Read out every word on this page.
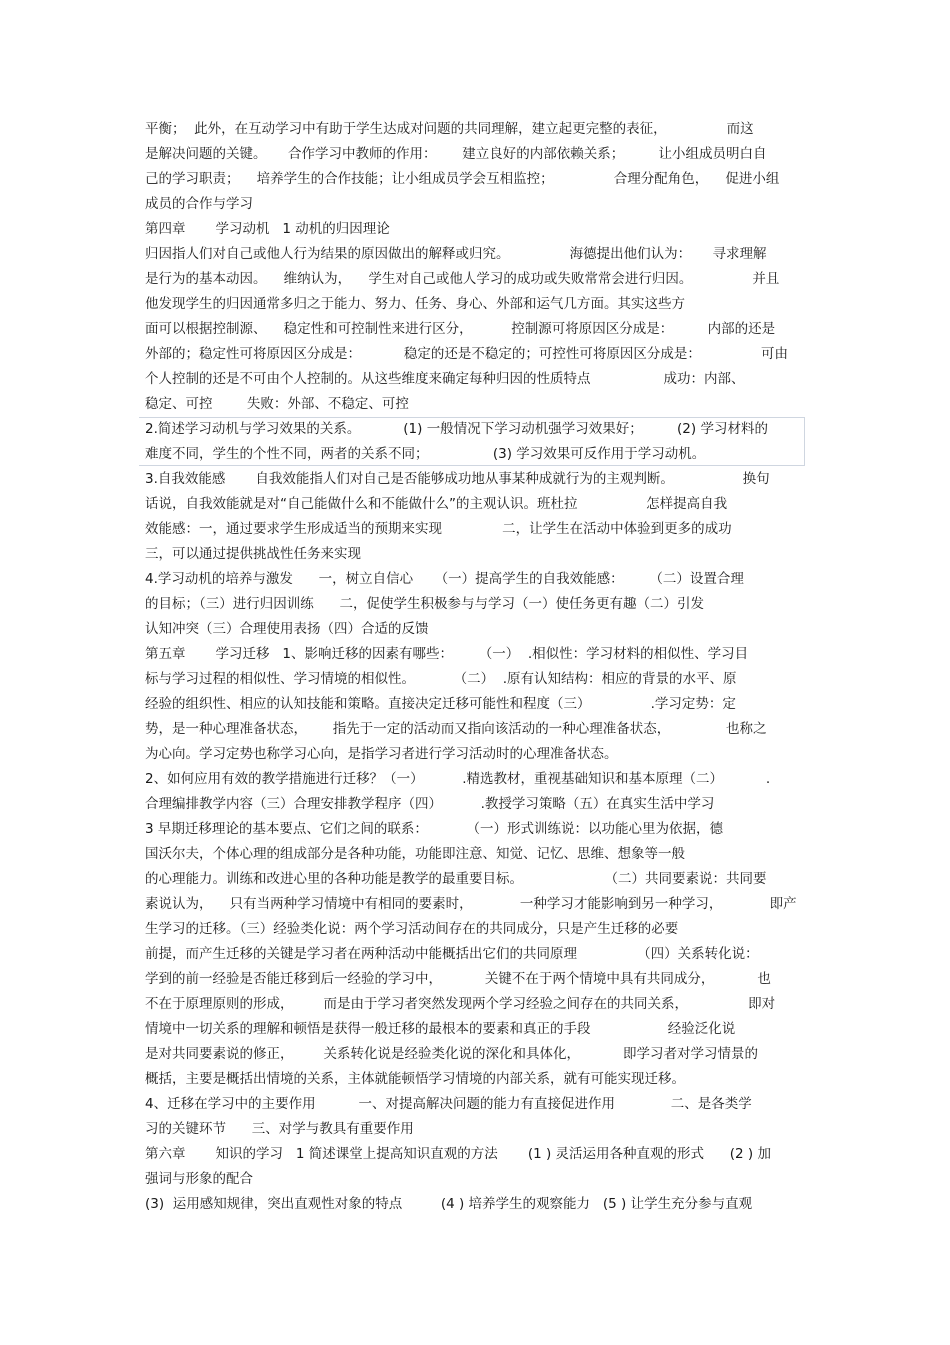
平衡；  此外，在互动学习中有助于学生达成对问题的共同理解，建立起更完整的表征，              而这
是解决问题的关键。     合作学习中教师的作用：      建立良好的内部依赖关系；        让小组成员明白自
己的学习职责；    培养学生的合作技能；让小组成员学会互相监控；              合理分配角色，    促进小组
成员的合作与学习
第四章       学习动机   1 动机的归因理论
归因指人们对自己或他人行为结果的原因做出的解释或归究。              海德提出他们认为：     寻求理解
是行为的基本动因。    维纳认为，    学生对自己或他人学习的成功或失败常常会进行归因。              并且
他发现学生的归因通常多归之于能力、努力、任务、身心、外部和运气几方面。其实这些方
面可以根据控制源、    稳定性和可控制性来进行区分，         控制源可将原因区分成是：        内部的还是
外部的；稳定性可将原因区分成是：          稳定的还是不稳定的；可控性可将原因区分成是：              可由
个人控制的还是不可由个人控制的。从这些维度来确定每种归因的性质特点                 成功：内部、
稳定、可控        失败：外部、不稳定、可控
2.简述学习动机与学习效果的关系。          (1) 一般情况下学习动机强学习效果好；        (2) 学习材料的
难度不同，学生的个性不同，两者的关系不同；               (3) 学习效果可反作用于学习动机。
3.自我效能感       自我效能指人们对自己是否能够成功地从事某种成就行为的主观判断。                换句
话说，自我效能就是对“自己能做什么和不能做什么”的主观认识。班杜拉                怎样提高自我
效能感：一，通过要求学生形成适当的预期来实现              二，让学生在活动中体验到更多的成功
三，可以通过提供挑战性任务来实现
4.学习动机的培养与激发      一，树立自信心     （一）提高学生的自我效能感：      （二）设置合理
的目标；（三）进行归因训练      二，促使学生积极参与与学习（一）使任务更有趣（二）引发
认知冲突（三）合理使用表扬（四）合适的反馈
第五章       学习迁移   1、影响迁移的因素有哪些：      （一）  .相似性：学习材料的相似性、学习目
标与学习过程的相似性、学习情境的相似性。         （二）  .原有认知结构：相应的背景的水平、原
经验的组织性、相应的认知技能和策略。直接决定迁移可能性和程度（三）              .学习定势：定
势，是一种心理准备状态，      指先于一定的活动而又指向该活动的一种心理准备状态，             也称之
为心向。学习定势也称学习心向，是指学习者进行学习活动时的心理准备状态。
2、如何应用有效的教学措施进行迁移？（一）         .精选教材，重视基础知识和基本原理（二）          .
合理编排教学内容（三）合理安排教学程序（四）         .教授学习策略（五）在真实生活中学习
3 早期迁移理论的基本要点、它们之间的联系：         （一）形式训练说：以功能心里为依据，德
国沃尔夫，个体心理的组成部分是各种功能，功能即注意、知觉、记忆、思维、想象等一般
的心理能力。训练和改进心里的各种功能是教学的最重要目标。                   （二）共同要素说：共同要
素说认为，    只有当两种学习情境中有相同的要素时，           一种学习才能影响到另一种学习，           即产
生学习的迁移。（三）经验类化说：两个学习活动间存在的共同成分，只是产生迁移的必要
前提，而产生迁移的关键是学习者在两种活动中能概括出它们的共同原理              （四）关系转化说：
学到的前一经验是否能迁移到后一经验的学习中，          关键不在于两个情境中具有共同成分，          也
不在于原理原则的形成，       而是由于学习者突然发现两个学习经验之间存在的共同关系，              即对
情境中一切关系的理解和顿悟是获得一般迁移的最根本的要素和真正的手段                  经验泛化说
是对共同要素说的修正，       关系转化说是经验类化说的深化和具体化，          即学习者对学习情景的
概括，主要是概括出情境的关系，主体就能顿悟学习情境的内部关系，就有可能实现迁移。
4、迁移在学习中的主要作用          一、对提高解决问题的能力有直接促进作用             二、是各类学
习的关键环节      三、对学与教具有重要作用
第六章       知识的学习   1 简述课堂上提高知识直观的方法       (1 ) 灵活运用各种直观的形式      (2 ) 加
强词与形象的配合
(3)  运用感知规律，突出直观性对象的特点         (4 ) 培养学生的观察能力   (5 ) 让学生充分参与直观
